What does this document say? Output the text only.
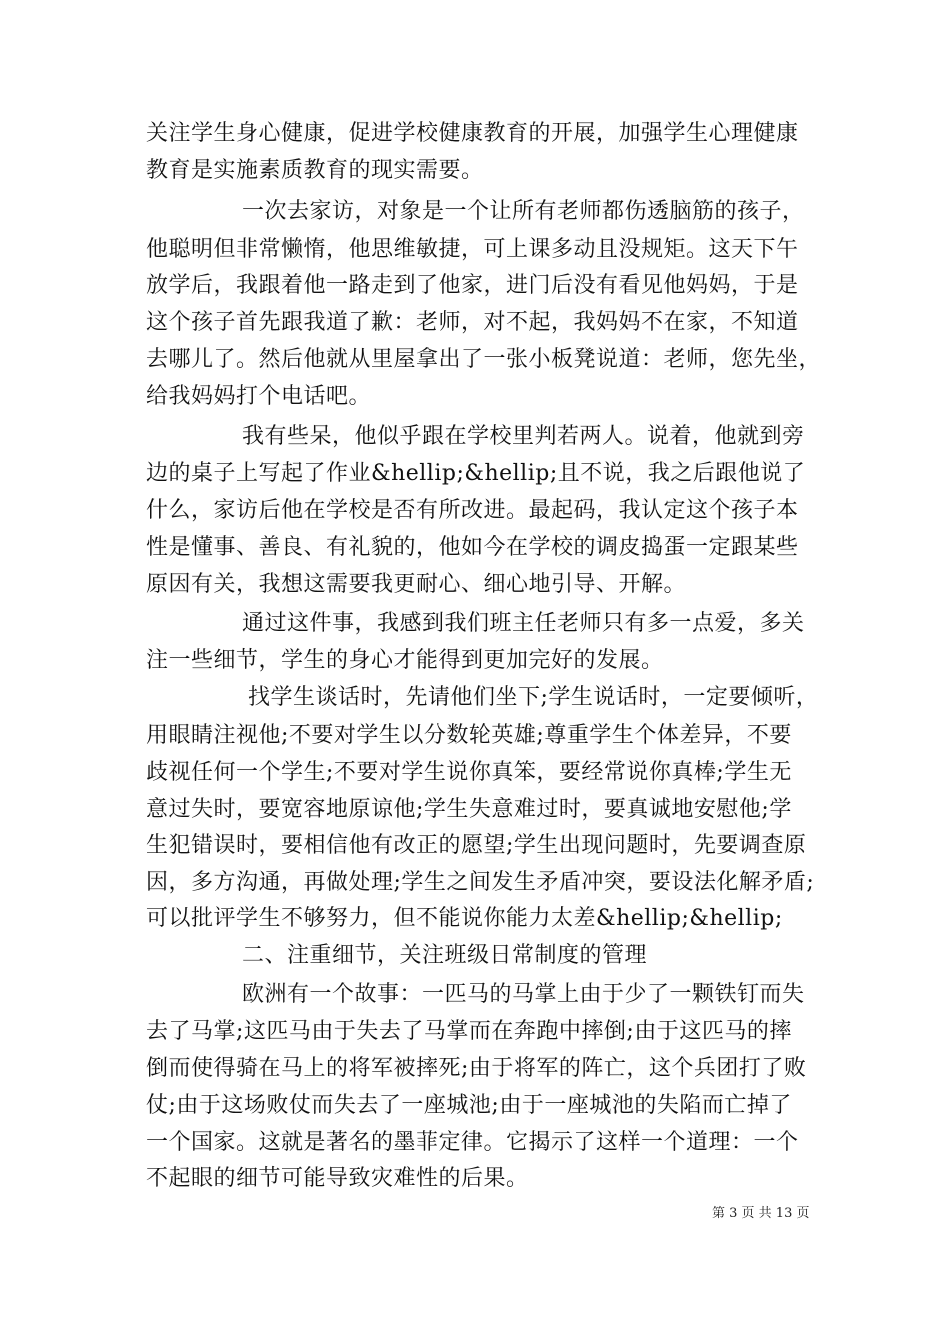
关注学生身心健康，促进学校健康教育的开展，加强学生心理健康
教育是实施素质教育的现实需要。
一次去家访，对象是一个让所有老师都伤透脑筋的孩子，
他聪明但非常懒惰，他思维敏捷，可上课多动且没规矩。这天下午
放学后，我跟着他一路走到了他家，进门后没有看见他妈妈，于是
这个孩子首先跟我道了歉：老师，对不起，我妈妈不在家，不知道
去哪儿了。然后他就从里屋拿出了一张小板凳说道：老师，您先坐，
给我妈妈打个电话吧。
我有些呆，他似乎跟在学校里判若两人。说着，他就到旁
边的桌子上写起了作业&hellip;&hellip;且不说，我之后跟他说了
什么，家访后他在学校是否有所改进。最起码，我认定这个孩子本
性是懂事、善良、有礼貌的，他如今在学校的调皮捣蛋一定跟某些
原因有关，我想这需要我更耐心、细心地引导、开解。
通过这件事，我感到我们班主任老师只有多一点爱，多关
注一些细节，学生的身心才能得到更加完好的发展。
找学生谈话时，先请他们坐下;学生说话时，一定要倾听，
用眼睛注视他;不要对学生以分数轮英雄;尊重学生个体差异，不要
歧视任何一个学生;不要对学生说你真笨，要经常说你真棒;学生无
意过失时，要宽容地原谅他;学生失意难过时，要真诚地安慰他;学
生犯错误时，要相信他有改正的愿望;学生出现问题时，先要调查原
因，多方沟通，再做处理;学生之间发生矛盾冲突，要设法化解矛盾;
可以批评学生不够努力，但不能说你能力太差&hellip;&hellip;
二、注重细节，关注班级日常制度的管理
欧洲有一个故事：一匹马的马掌上由于少了一颗铁钉而失
去了马掌;这匹马由于失去了马掌而在奔跑中摔倒;由于这匹马的摔
倒而使得骑在马上的将军被摔死;由于将军的阵亡，这个兵团打了败
仗;由于这场败仗而失去了一座城池;由于一座城池的失陷而亡掉了
一个国家。这就是著名的墨菲定律。它揭示了这样一个道理：一个
不起眼的细节可能导致灾难性的后果。
第 3 页 共 13 页
